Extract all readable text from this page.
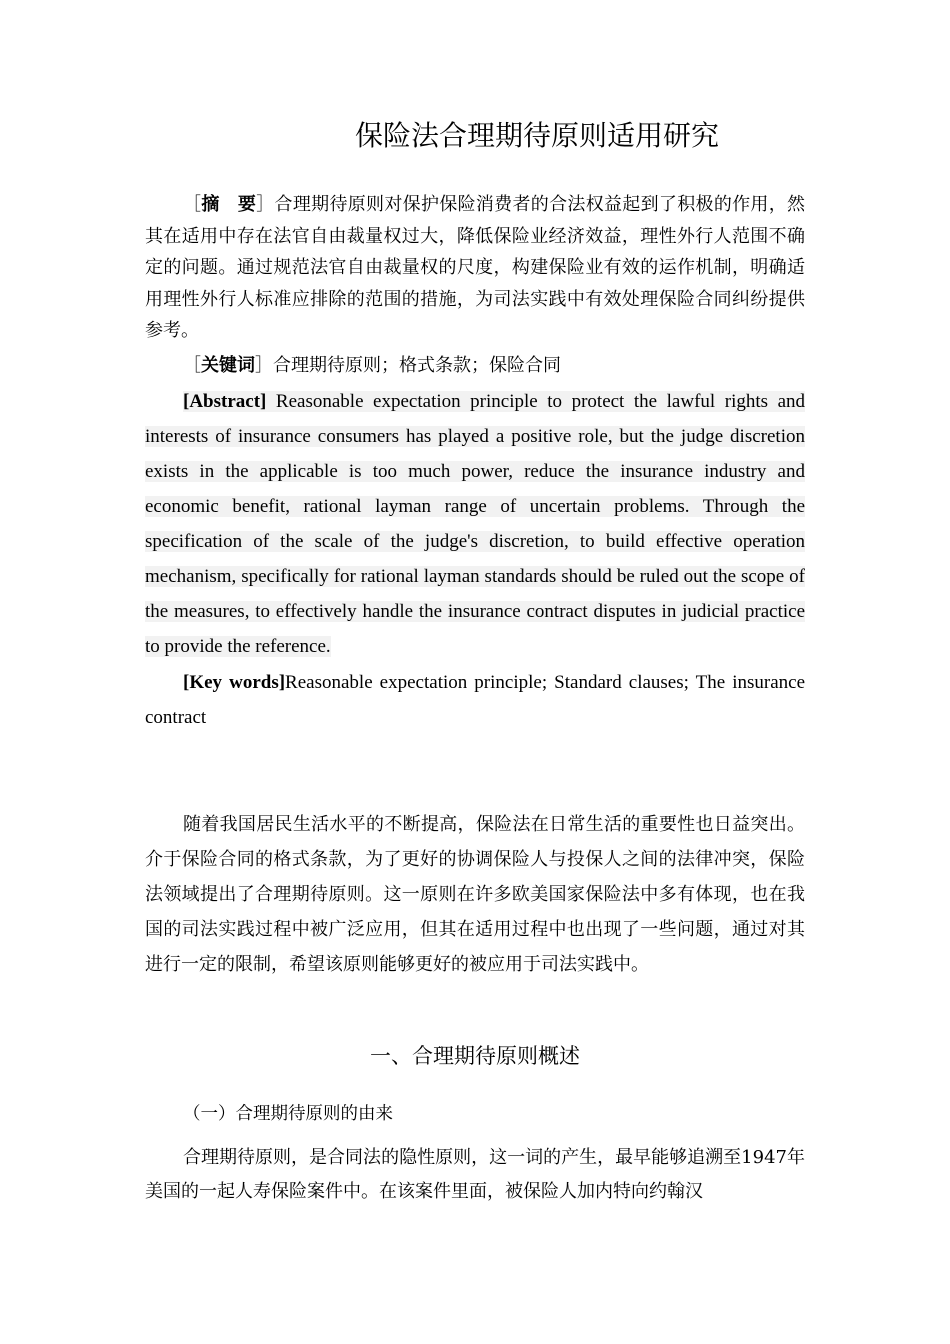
保险法合理期待原则适用研究
［摘　要］合理期待原则对保护保险消费者的合法权益起到了积极的作用，然其在适用中存在法官自由裁量权过大，降低保险业经济效益，理性外行人范围不确定的问题。通过规范法官自由裁量权的尺度，构建保险业有效的运作机制，明确适用理性外行人标准应排除的范围的措施，为司法实践中有效处理保险合同纠纷提供参考。
［关键词］合理期待原则；格式条款；保险合同
[Abstract] Reasonable expectation principle to protect the lawful rights and interests of insurance consumers has played a positive role, but the judge discretion exists in the applicable is too much power, reduce the insurance industry and economic benefit, rational layman range of uncertain problems. Through the specification of the scale of the judge's discretion, to build effective operation mechanism, specifically for rational layman standards should be ruled out the scope of the measures, to effectively handle the insurance contract disputes in judicial practice to provide the reference.
[Key words]Reasonable expectation principle; Standard clauses; The insurance contract
随着我国居民生活水平的不断提高，保险法在日常生活的重要性也日益突出。介于保险合同的格式条款，为了更好的协调保险人与投保人之间的法律冲突，保险法领域提出了合理期待原则。这一原则在许多欧美国家保险法中多有体现，也在我国的司法实践过程中被广泛应用，但其在适用过程中也出现了一些问题，通过对其进行一定的限制，希望该原则能够更好的被应用于司法实践中。
一、合理期待原则概述
（一）合理期待原则的由来
合理期待原则，是合同法的隐性原则，这一词的产生，最早能够追溯至1947年美国的一起人寿保险案件中。在该案件里面，被保险人加内特向约翰汉
